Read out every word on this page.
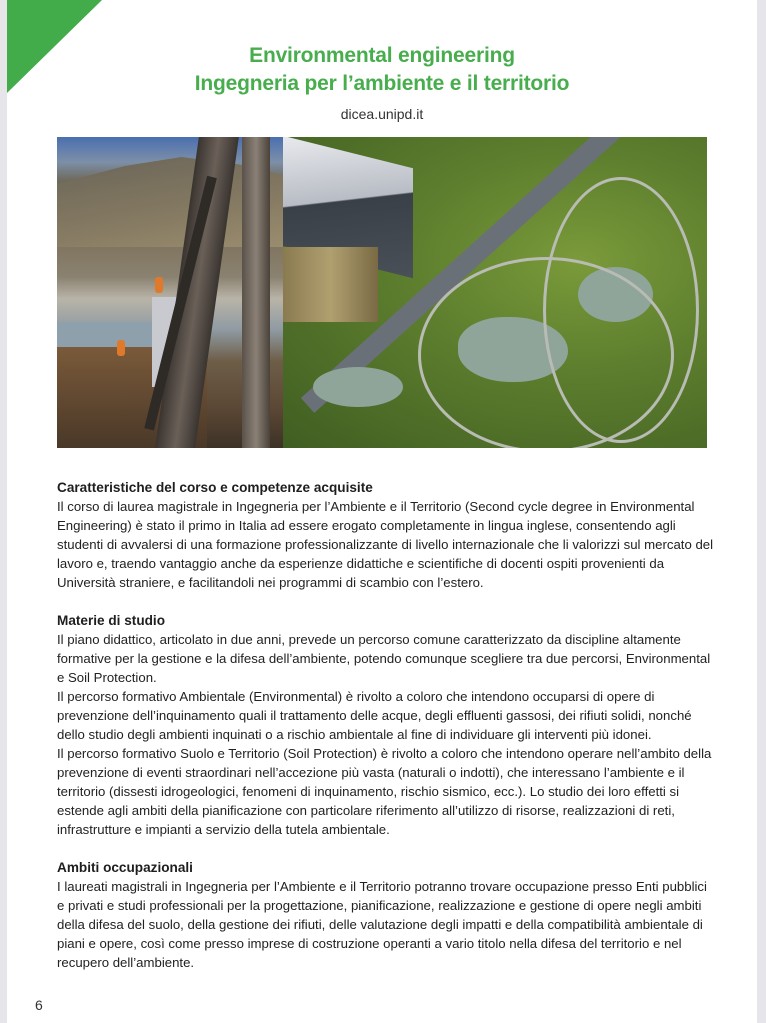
Environmental engineering
Ingegneria per l’ambiente e il territorio
dicea.unipd.it
Caratteristiche del corso e competenze acquisite

Il corso di laurea magistrale in Ingegneria per l’Ambiente e il Territorio (Second cycle degree in Environmental Engineering) è stato il primo in Italia ad essere erogato completamente in lingua inglese, consentendo agli studenti di avvalersi di una formazione professionalizzante di livello internazionale che li valorizzi sul mercato del lavoro e, traendo vantaggio anche da esperienze didattiche e scientifiche di docenti ospiti provenienti da Università straniere, e facilitandoli nei programmi di scambio con l’estero.

Materie di studio

Il piano didattico, articolato in due anni, prevede un percorso comune caratterizzato da discipline altamente formative per la gestione e la difesa dell’ambiente, potendo comunque scegliere tra due percorsi, Environmental e Soil Protection.

Il percorso formativo Ambientale (Environmental) è rivolto a coloro che intendono occuparsi di opere di prevenzione dell’inquinamento quali il trattamento delle acque, degli effluenti gassosi, dei rifiuti solidi, nonché dello studio degli ambienti inquinati o a rischio ambientale al fine di individuare gli interventi più idonei.

Il percorso formativo Suolo e Territorio (Soil Protection) è rivolto a coloro che intendono operare nell’ambito della prevenzione di eventi straordinari nell’accezione più vasta (naturali o indotti), che interessano l’ambiente e il territorio (dissesti idrogeologici, fenomeni di inquinamento, rischio sismico, ecc.). Lo studio dei loro effetti si estende agli ambiti della pianificazione con particolare riferimento all’utilizzo di risorse, realizzazioni di reti, infrastrutture e impianti a servizio della tutela ambientale.

Ambiti occupazionali

I laureati magistrali in Ingegneria per l’Ambiente e il Territorio potranno trovare occupazione presso Enti pubblici e privati e studi professionali per la progettazione, pianificazione, realizzazione e gestione di opere negli ambiti della difesa del suolo, della gestione dei rifiuti, delle valutazione degli impatti e della compatibilità ambientale di piani e opere, così come presso imprese di costruzione operanti a vario titolo nella difesa del territorio e nel recupero dell’ambiente.

6
